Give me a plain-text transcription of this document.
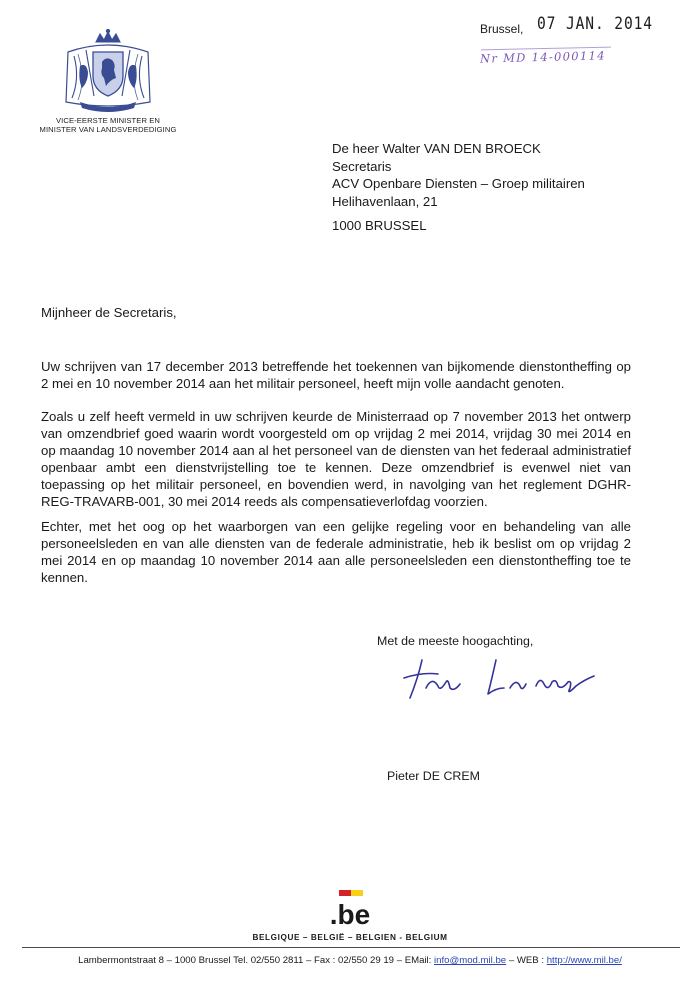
VICE-EERSTE MINISTER EN
MINISTER VAN LANDSVERDEDIGING
Brussel, 07 JAN. 2014
Nr MD 14-000114
De heer Walter VAN DEN BROECK
Secretaris
ACV Openbare Diensten – Groep militairen
Helihavenlaan, 21
1000 BRUSSEL
Mijnheer de Secretaris,

Uw schrijven van 17 december 2013 betreffende het toekennen van bijkomende dienstontheffing op 2 mei en 10 november 2014 aan het militair personeel, heeft mijn volle aandacht genoten.

Zoals u zelf heeft vermeld in uw schrijven keurde de Ministerraad op 7 november 2013 het ontwerp van omzendbrief goed waarin wordt voorgesteld om op vrijdag 2 mei 2014, vrijdag 30 mei 2014 en op maandag 10 november 2014 aan al het personeel van de diensten van het federaal administratief openbaar ambt een dienstvrijstelling toe te kennen. Deze omzendbrief is evenwel niet van toepassing op het militair personeel, en bovendien werd, in navolging van het reglement DGHR-REG-TRAVARB-001, 30 mei 2014 reeds als compensatieverlofdag voorzien.

Echter, met het oog op het waarborgen van een gelijke regeling voor en behandeling van alle personeelsleden en van alle diensten van de federale administratie, heb ik beslist om op vrijdag 2 mei 2014 en op maandag 10 november 2014 aan alle personeelsleden een dienstontheffing toe te kennen.

Met de meeste hoogachting,
Pieter DE CREM
.be
BELGIQUE – BELGIË – BELGIEN - BELGIUM
Lambermontstraat 8 – 1000 Brussel Tel. 02/550 2811 – Fax : 02/550 29 19 – EMail: info@mod.mil.be – WEB : http://www.mil.be/
